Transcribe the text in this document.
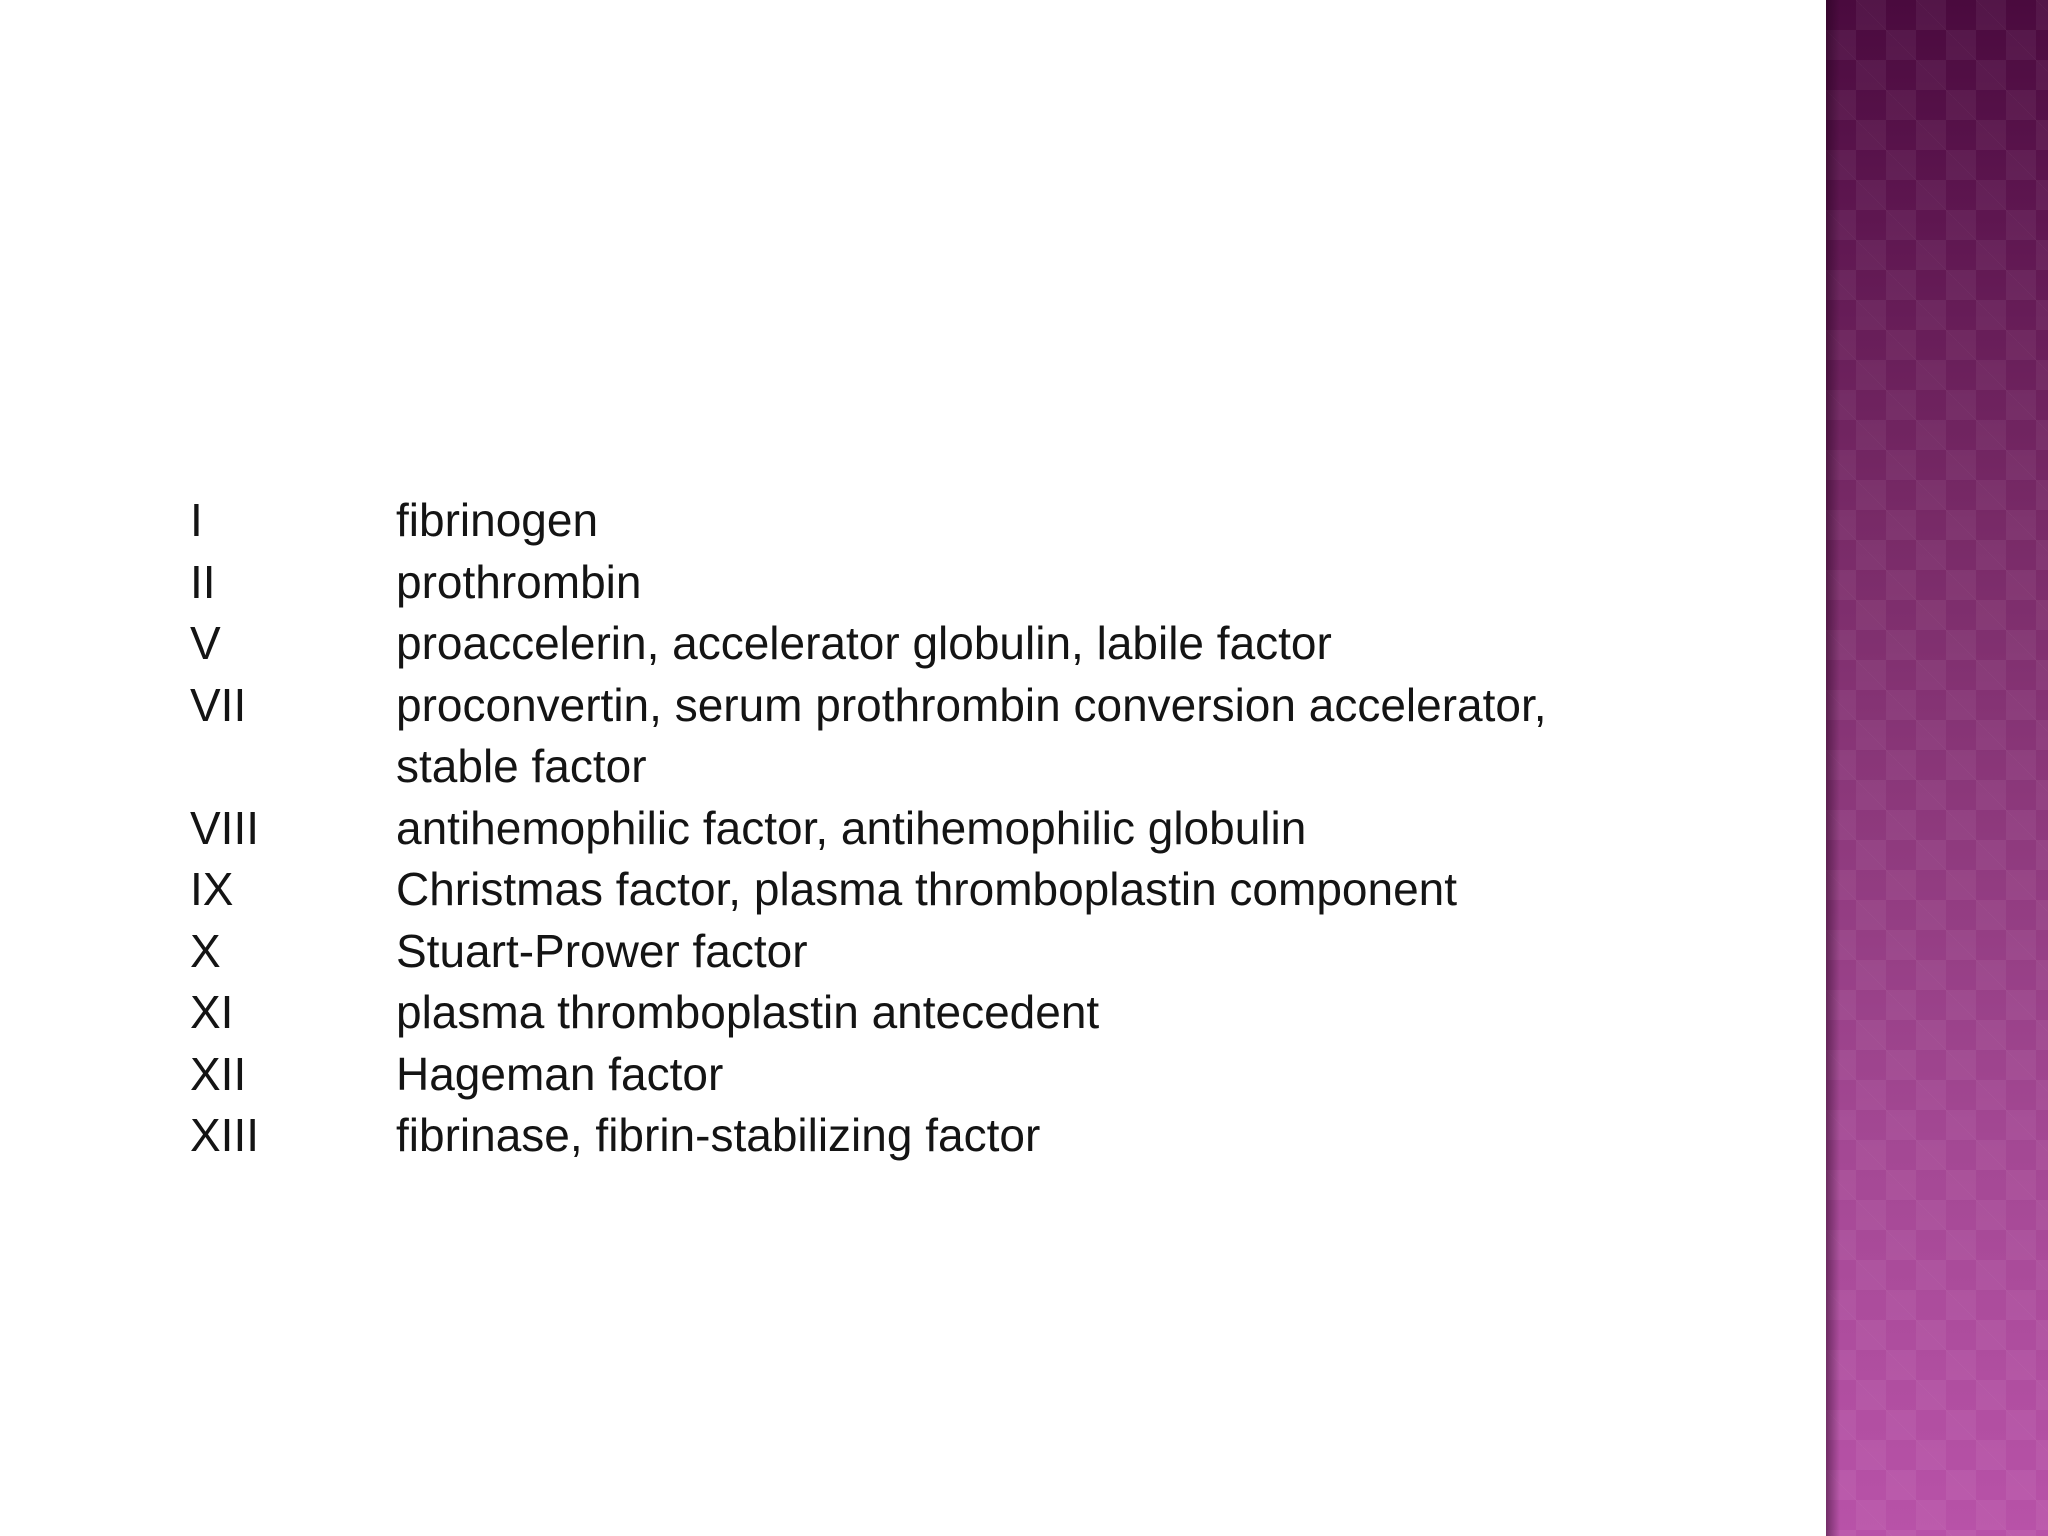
I	fibrinogen
II	prothrombin
V	proaccelerin, accelerator globulin, labile factor
VII	proconvertin, serum prothrombin conversion accelerator,
stable factor
VIII	antihemophilic factor, antihemophilic globulin
IX	Christmas factor, plasma thromboplastin component
X	Stuart-Prower factor
XI	plasma thromboplastin antecedent
XII	Hageman factor
XIII	fibrinase, fibrin-stabilizing factor
